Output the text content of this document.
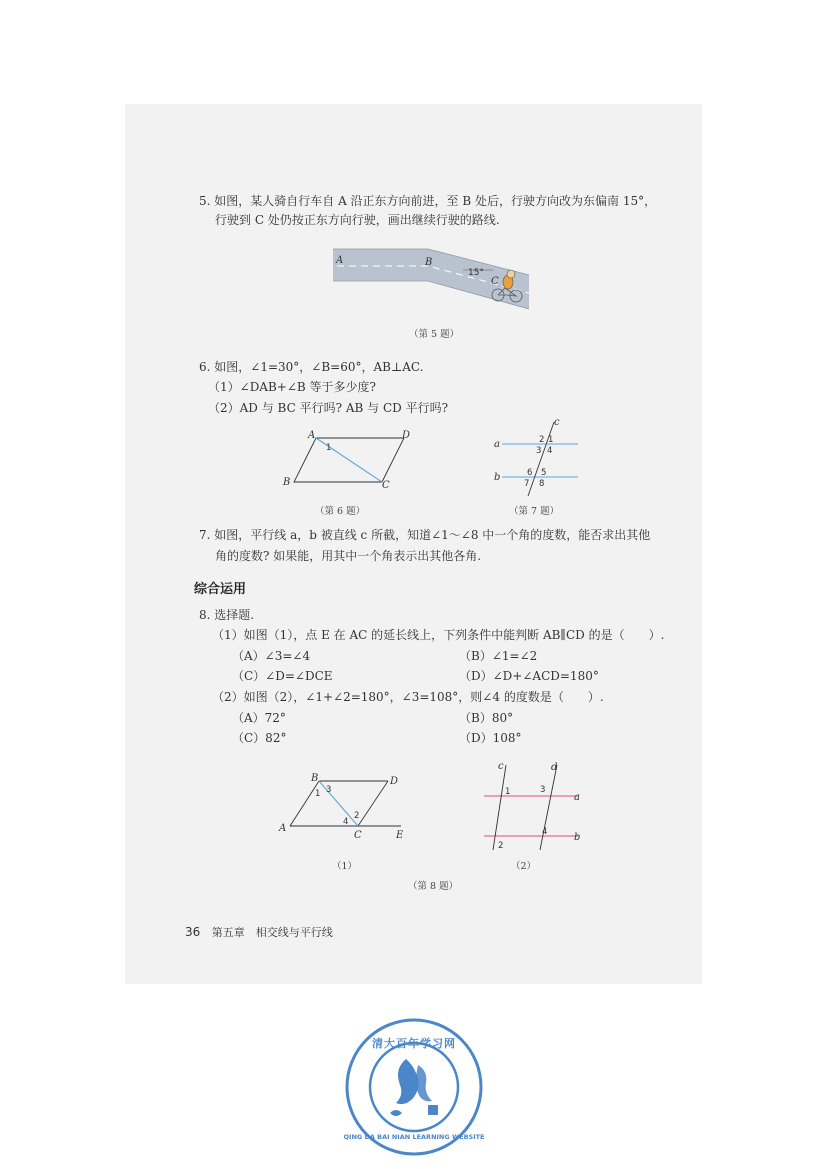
5. 如图，某人骑自行车自 A 沿正东方向前进，至 B 处后，行驶方向改为东偏南 15°，
行驶到 C 处仍按正东方向行驶，画出继续行驶的路线.
A	B
C
15°
（第 5 题）
6. 如图，∠1=30°，∠B=60°，AB⊥AC.
（1）∠DAB+∠B 等于多少度?
（2）AD 与 BC 平行吗? AB 与 CD 平行吗?
A	D
B	C
1
（第 6 题）
a
b
c
2 1
3 4
6 5
7 8
（第 7 题）
7. 如图，平行线 a，b 被直线 c 所截，知道∠1～∠8 中一个角的度数，能否求出其他
角的度数? 如果能，用其中一个角表示出其他各角.
综合运用
8. 选择题.
（1）如图（1），点 E 在 AC 的延长线上，下列条件中能判断 AB∥CD 的是（　　）.
（A）∠3=∠4	（B）∠1=∠2
（C）∠D=∠DCE	（D）∠D+∠ACD=180°
（2）如图（2），∠1+∠2=180°，∠3=108°，则∠4 的度数是（　　）.
（A）72°	（B）80°
（C）82°	（D）108°
B	D
A
C	E
1 3
2
4
（1）
c	d
a
b
1	3
4
2
（2）
（第 8 题）
36 第五章　相交线与平行线
清大百年学习网
QING DA BAI NIAN LEARNING WEBSITE
